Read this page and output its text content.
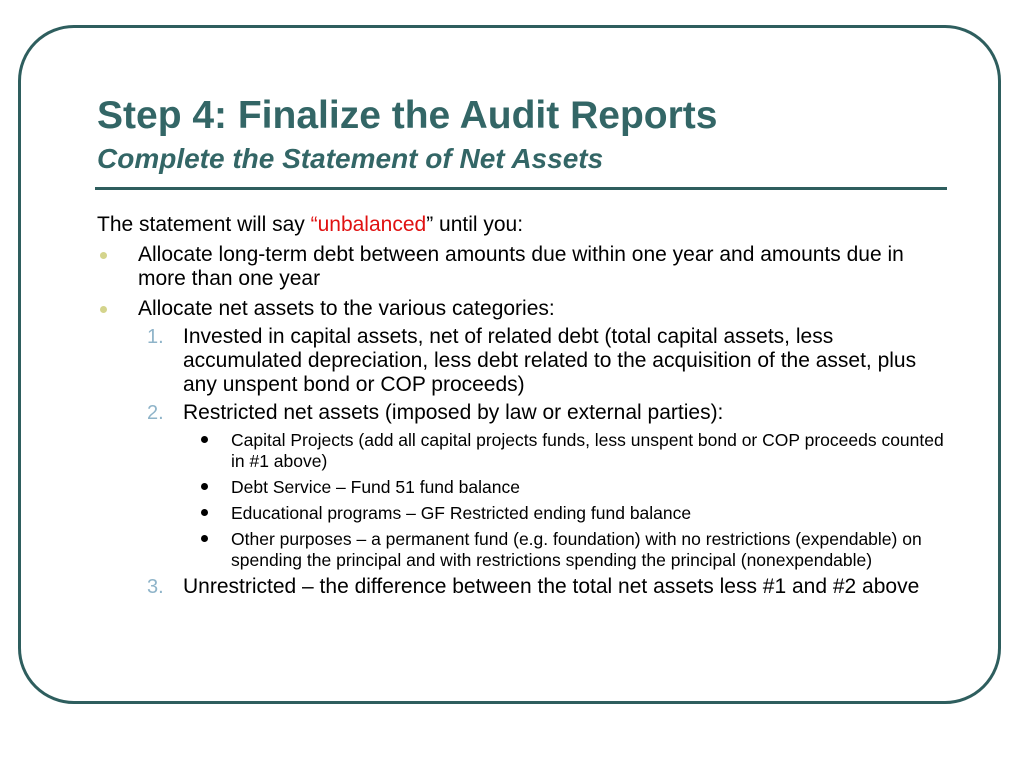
Step 4: Finalize the Audit Reports
Complete the Statement of Net Assets

The statement will say “unbalanced” until you:

Allocate long-term debt between amounts due within one year and amounts due in more than one year
Allocate net assets to the various categories:
1. Invested in capital assets, net of related debt (total capital assets, less accumulated depreciation, less debt related to the acquisition of the asset, plus any unspent bond or COP proceeds)
2. Restricted net assets (imposed by law or external parties):
Capital Projects (add all capital projects funds, less unspent bond or COP proceeds counted in #1 above)
Debt Service – Fund 51 fund balance
Educational programs – GF Restricted ending fund balance
Other purposes – a permanent fund (e.g. foundation) with no restrictions (expendable) on spending the principal and with restrictions spending the principal (nonexpendable)
3. Unrestricted – the difference between the total net assets less #1 and #2 above
